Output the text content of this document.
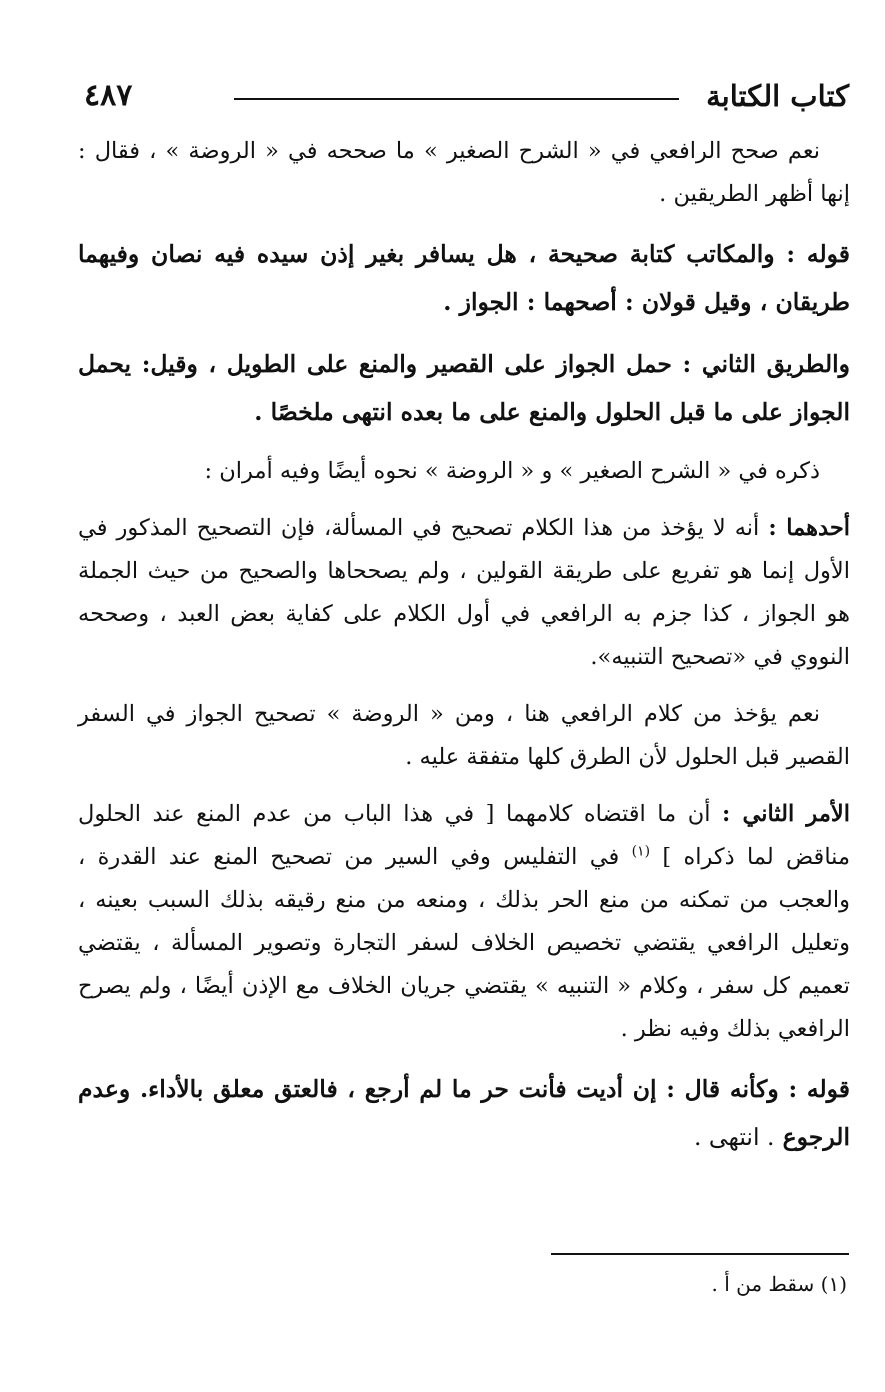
٤٨٧	كتاب الكتابة

نعم صحح الرافعي في « الشرح الصغير » ما صححه في « الروضة » ، فقال : إنها أظهر الطريقين .

قوله : والمكاتب كتابة صحيحة ، هل يسافر بغير إذن سيده فيه نصان وفيهما طريقان ، وقيل قولان : أصحهما : الجواز .

والطريق الثاني : حمل الجواز على القصير والمنع على الطويل ، وقيل: يحمل الجواز على ما قبل الحلول والمنع على ما بعده انتهى ملخصًا .

ذكره في « الشرح الصغير » و « الروضة » نحوه أيضًا وفيه أمران :

أحدهما : أنه لا يؤخذ من هذا الكلام تصحيح في المسألة، فإن التصحيح المذكور في الأول إنما هو تفريع على طريقة القولين ، ولم يصححاها والصحيح من حيث الجملة هو الجواز ، كذا جزم به الرافعي في أول الكلام على كفاية بعض العبد ، وصححه النووي في «تصحيح التنبيه».

نعم يؤخذ من كلام الرافعي هنا ، ومن « الروضة » تصحيح الجواز في السفر القصير قبل الحلول لأن الطرق كلها متفقة عليه .

الأمر الثاني : أن ما اقتضاه كلامهما [ في هذا الباب من عدم المنع عند الحلول مناقض لما ذكراه ] $^{(١)}$ في التفليس وفي السير من تصحيح المنع عند القدرة ، والعجب من تمكنه من منع الحر بذلك ، ومنعه من منع رقيقه بذلك السبب بعينه ، وتعليل الرافعي يقتضي تخصيص الخلاف لسفر التجارة وتصوير المسألة ، يقتضي تعميم كل سفر ، وكلام « التنبيه » يقتضي جريان الخلاف مع الإذن أيضًا ، ولم يصرح الرافعي بذلك وفيه نظر .

قوله : وكأنه قال : إن أديت فأنت حر ما لم أرجع ، فالعتق معلق بالأداء. وعدم الرجوع . انتهى .

(١) سقط من أ .
